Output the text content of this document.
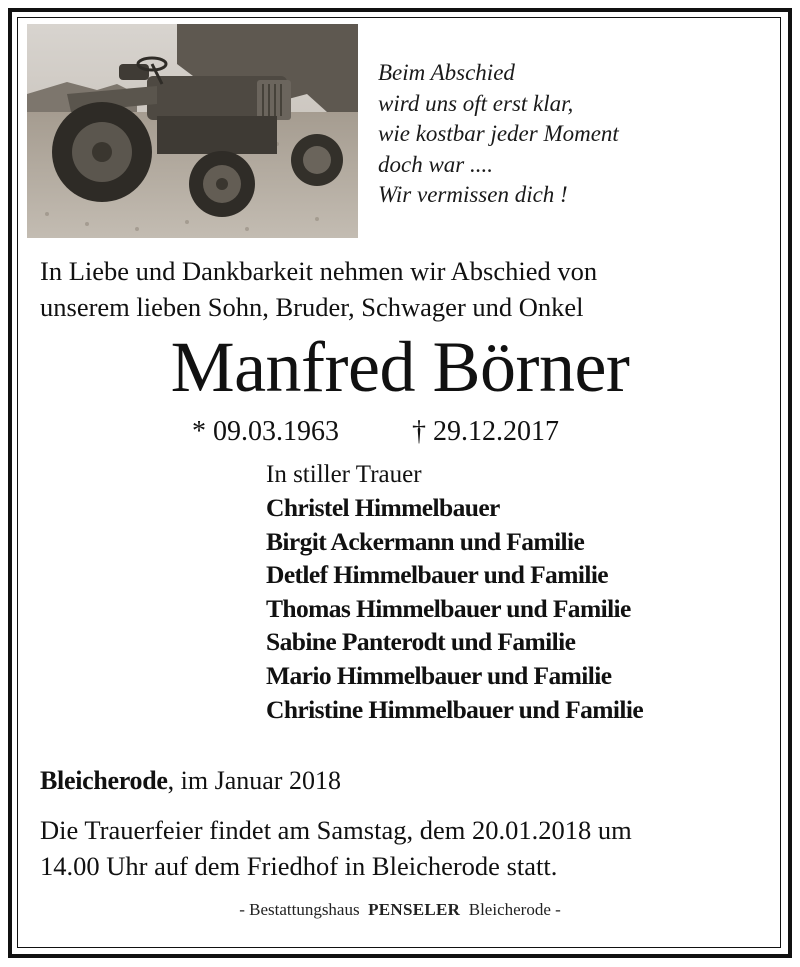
Beim Abschied
wird uns oft erst klar,
wie kostbar jeder Moment
doch war ....
Wir vermissen dich !
In Liebe und Dankbarkeit nehmen wir Abschied von
unserem lieben Sohn, Bruder, Schwager und Onkel
Manfred Börner
* 09.03.1963	† 29.12.2017
In stiller Trauer
Christel Himmelbauer
Birgit Ackermann und Familie
Detlef Himmelbauer und Familie
Thomas Himmelbauer und Familie
Sabine Panterodt und Familie
Mario Himmelbauer und Familie
Christine Himmelbauer und Familie
Bleicherode, im Januar 2018
Die Trauerfeier findet am Samstag, dem 20.01.2018 um
14.00 Uhr auf dem Friedhof in Bleicherode statt.
- Bestattungshaus  PENSELER  Bleicherode -
